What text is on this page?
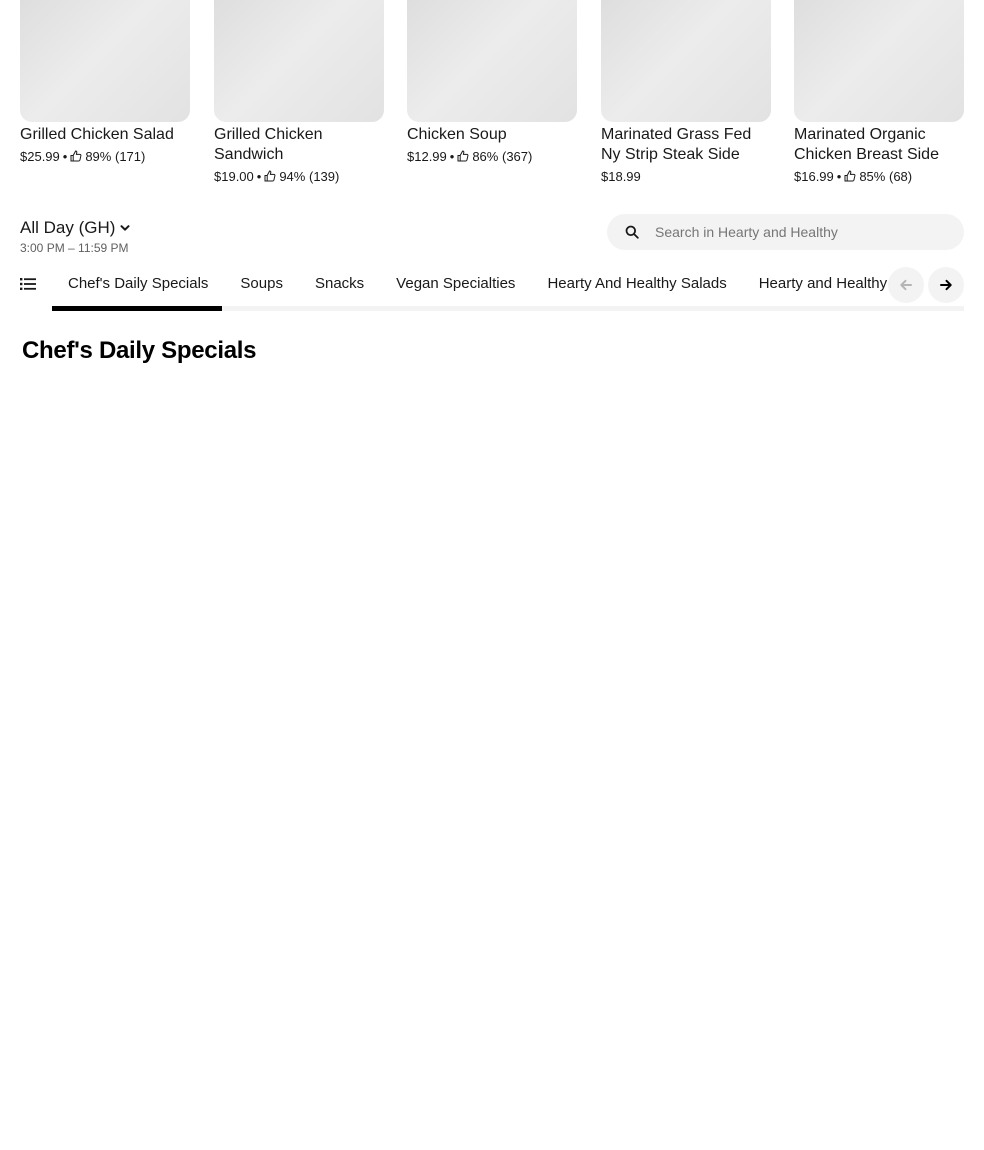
Grilled Chicken Salad
$25.99 • 89% (171)
Grilled Chicken Sandwich
$19.00 • 94% (139)
Chicken Soup
$12.99 • 86% (367)
Marinated Grass Fed Ny Strip Steak Side
$18.99
Marinated Organic Chicken Breast Side
$16.99 • 85% (68)
All Day (GH)
3:00 PM – 11:59 PM
Search in Hearty and Healthy
Chef's Daily Specials	Soups	Snacks	Vegan Specialties	Hearty And Healthy Salads	Hearty and Healthy
Chef's Daily Specials
